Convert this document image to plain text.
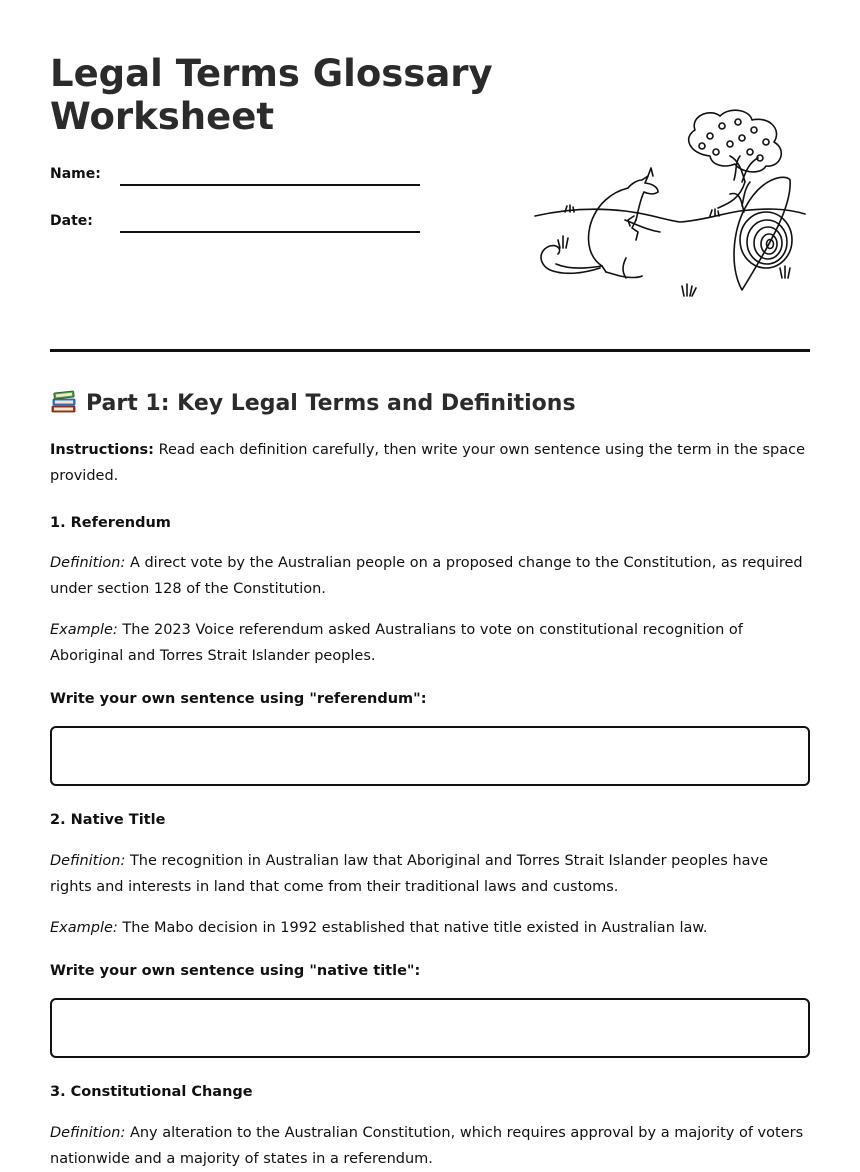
Legal Terms Glossary Worksheet
Name:
Date:
Part 1: Key Legal Terms and Definitions

Instructions: Read each definition carefully, then write your own sentence using the term in the space provided.

1. Referendum

Definition: A direct vote by the Australian people on a proposed change to the Constitution, as required under section 128 of the Constitution.

Example: The 2023 Voice referendum asked Australians to vote on constitutional recognition of Aboriginal and Torres Strait Islander peoples.

Write your own sentence using "referendum":
2. Native Title

Definition: The recognition in Australian law that Aboriginal and Torres Strait Islander peoples have rights and interests in land that come from their traditional laws and customs.

Example: The Mabo decision in 1992 established that native title existed in Australian law.

Write your own sentence using "native title":
3. Constitutional Change

Definition: Any alteration to the Australian Constitution, which requires approval by a majority of voters nationwide and a majority of states in a referendum.
